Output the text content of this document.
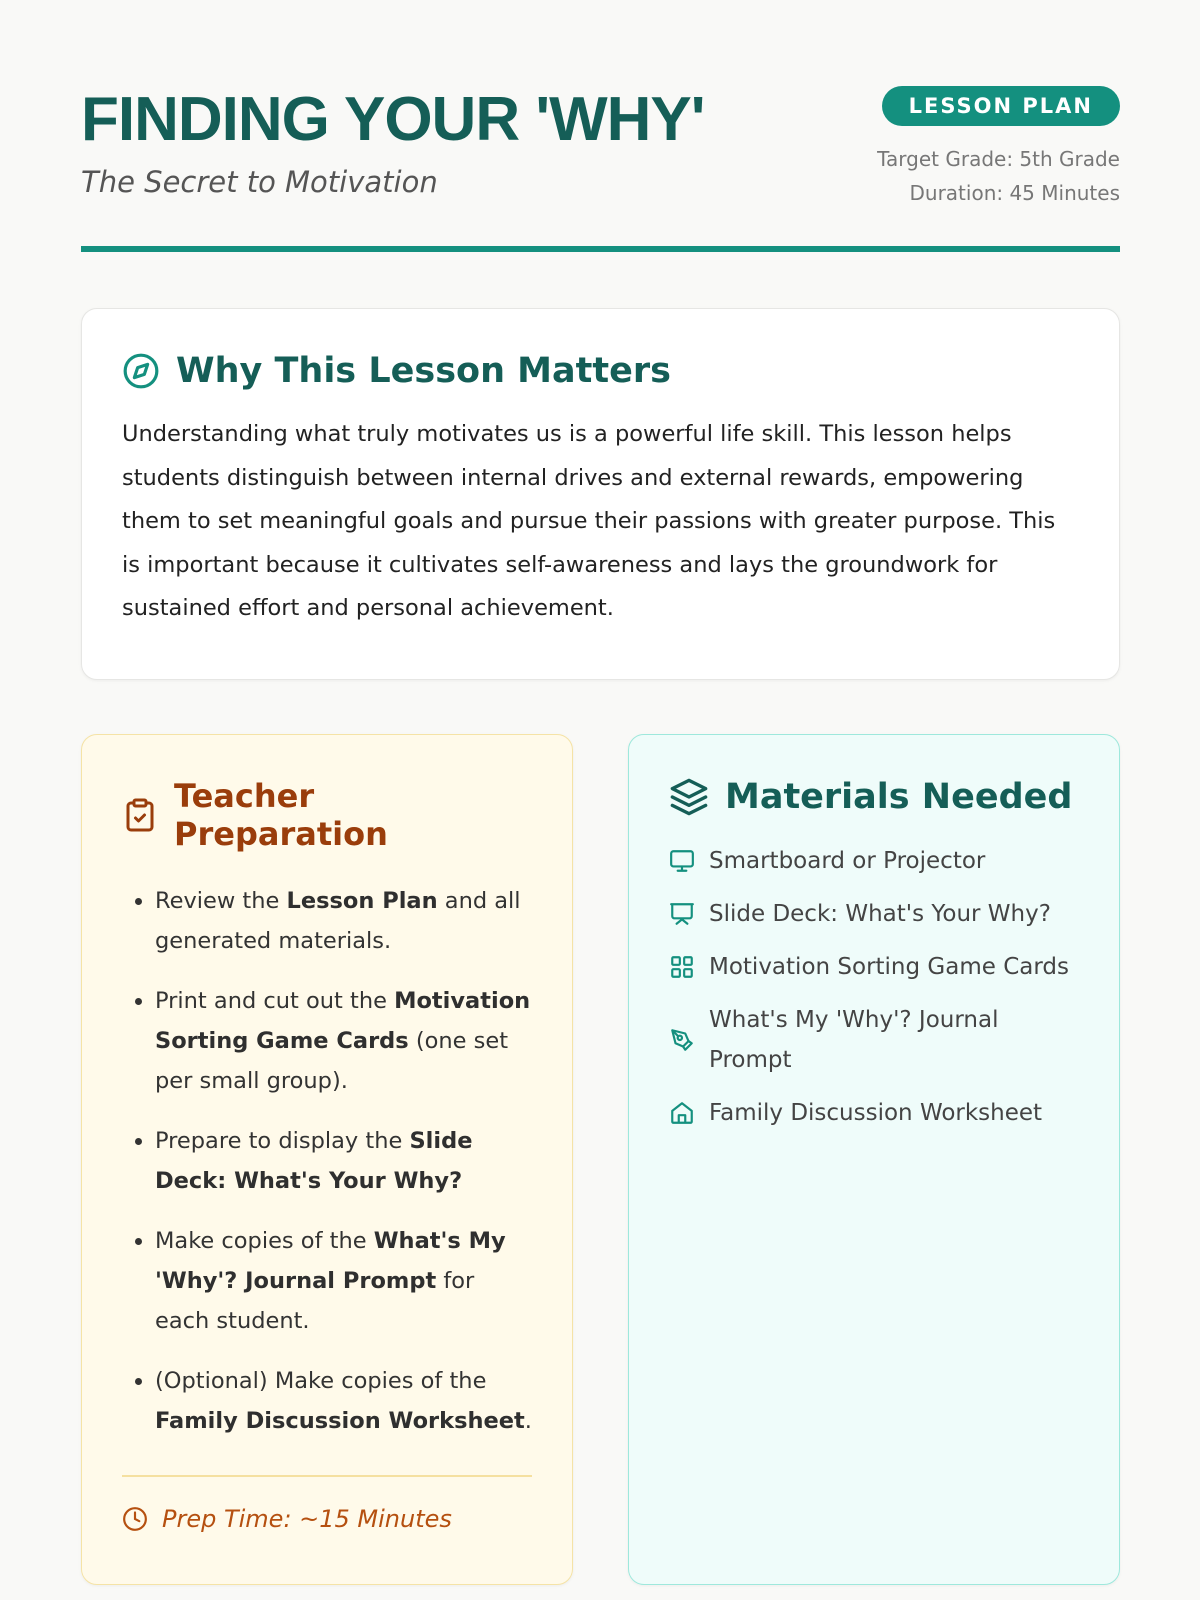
FINDING YOUR 'WHY'
The Secret to Motivation
LESSON PLAN
Target Grade: 5th Grade
Duration: 45 Minutes
Why This Lesson Matters

Understanding what truly motivates us is a powerful life skill. This lesson helps students distinguish between internal drives and external rewards, empowering them to set meaningful goals and pursue their passions with greater purpose. This is important because it cultivates self-awareness and lays the groundwork for sustained effort and personal achievement.

Teacher Preparation
• Review the Lesson Plan and all generated materials.
• Print and cut out the Motivation Sorting Game Cards (one set per small group).
• Prepare to display the Slide Deck: What's Your Why?
• Make copies of the What's My 'Why'? Journal Prompt for each student.
• (Optional) Make copies of the Family Discussion Worksheet.
Prep Time: ~15 Minutes
Materials Needed
Smartboard or Projector
Slide Deck: What's Your Why?
Motivation Sorting Game Cards
What's My 'Why'? Journal Prompt
Family Discussion Worksheet
